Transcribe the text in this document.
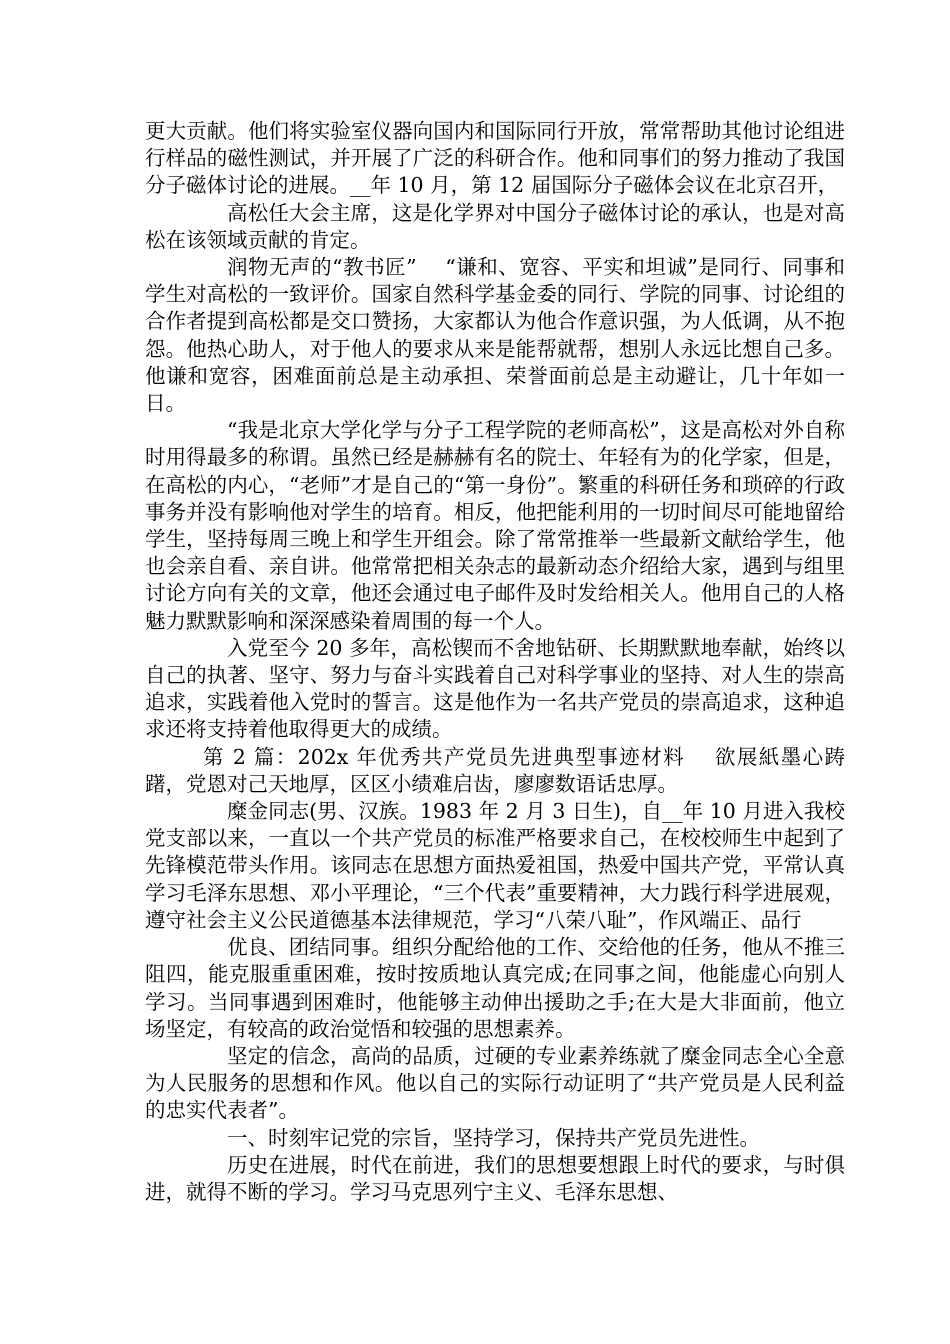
更大贡献。他们将实验室仪器向国内和国际同行开放，常常帮助其他讨论组进行样品的磁性测试，并开展了广泛的科研合作。他和同事们的努力推动了我国分子磁体讨论的进展。__年 10 月，第 12 届国际分子磁体会议在北京召开，

高松任大会主席，这是化学界对中国分子磁体讨论的承认，也是对高松在该领域贡献的肯定。

润物无声的“教书匠”　 “谦和、宽容、平实和坦诚”是同行、同事和学生对高松的一致评价。国家自然科学基金委的同行、学院的同事、讨论组的合作者提到高松都是交口赞扬，大家都认为他合作意识强，为人低调，从不抱怨。他热心助人，对于他人的要求从来是能帮就帮，想别人永远比想自己多。他谦和宽容，困难面前总是主动承担、荣誉面前总是主动避让，几十年如一日。

“我是北京大学化学与分子工程学院的老师高松”，这是高松对外自称时用得最多的称谓。虽然已经是赫赫有名的院士、年轻有为的化学家，但是，在高松的内心，“老师”才是自己的“第一身份”。繁重的科研任务和琐碎的行政事务并没有影响他对学生的培育。相反，他把能利用的一切时间尽可能地留给学生，坚持每周三晚上和学生开组会。除了常常推举一些最新文献给学生，他也会亲自看、亲自讲。他常常把相关杂志的最新动态介绍给大家，遇到与组里讨论方向有关的文章，他还会通过电子邮件及时发给相关人。他用自己的人格魅力默默影响和深深感染着周围的每一个人。

入党至今 20 多年，高松锲而不舍地钻研、长期默默地奉献，始终以自己的执著、坚守、努力与奋斗实践着自己对科学事业的坚持、对人生的崇高追求，实践着他入党时的誓言。这是他作为一名共产党员的崇高追求，这种追求还将支持着他取得更大的成绩。

第 2 篇：202x 年优秀共产党员先进典型事迹材料　 欲展紙墨心踌躇，党恩对己天地厚，区区小绩难启齿，廖廖数语话忠厚。

糜金同志(男、汉族。1983 年 2 月 3 日生)，自__年 10 月进入我校党支部以来，一直以一个共产党员的标准严格要求自己，在校校师生中起到了先锋模范带头作用。该同志在思想方面热爱祖国，热爱中国共产党，平常认真学习毛泽东思想、邓小平理论，“三个代表”重要精神，大力践行科学进展观，遵守社会主义公民道德基本法律规范，学习“八荣八耻”，作风端正、品行

优良、团结同事。组织分配给他的工作、交给他的任务，他从不推三阻四，能克服重重困难，按时按质地认真完成;在同事之间，他能虚心向别人学习。当同事遇到困难时，他能够主动伸出援助之手;在大是大非面前，他立场坚定，有较高的政治觉悟和较强的思想素养。

坚定的信念，高尚的品质，过硬的专业素养练就了糜金同志全心全意为人民服务的思想和作风。他以自己的实际行动证明了“共产党员是人民利益的忠实代表者”。

一、时刻牢记党的宗旨，坚持学习，保持共产党员先进性。

历史在进展，时代在前进，我们的思想要想跟上时代的要求，与时俱进，就得不断的学习。学习马克思列宁主义、毛泽东思想、
